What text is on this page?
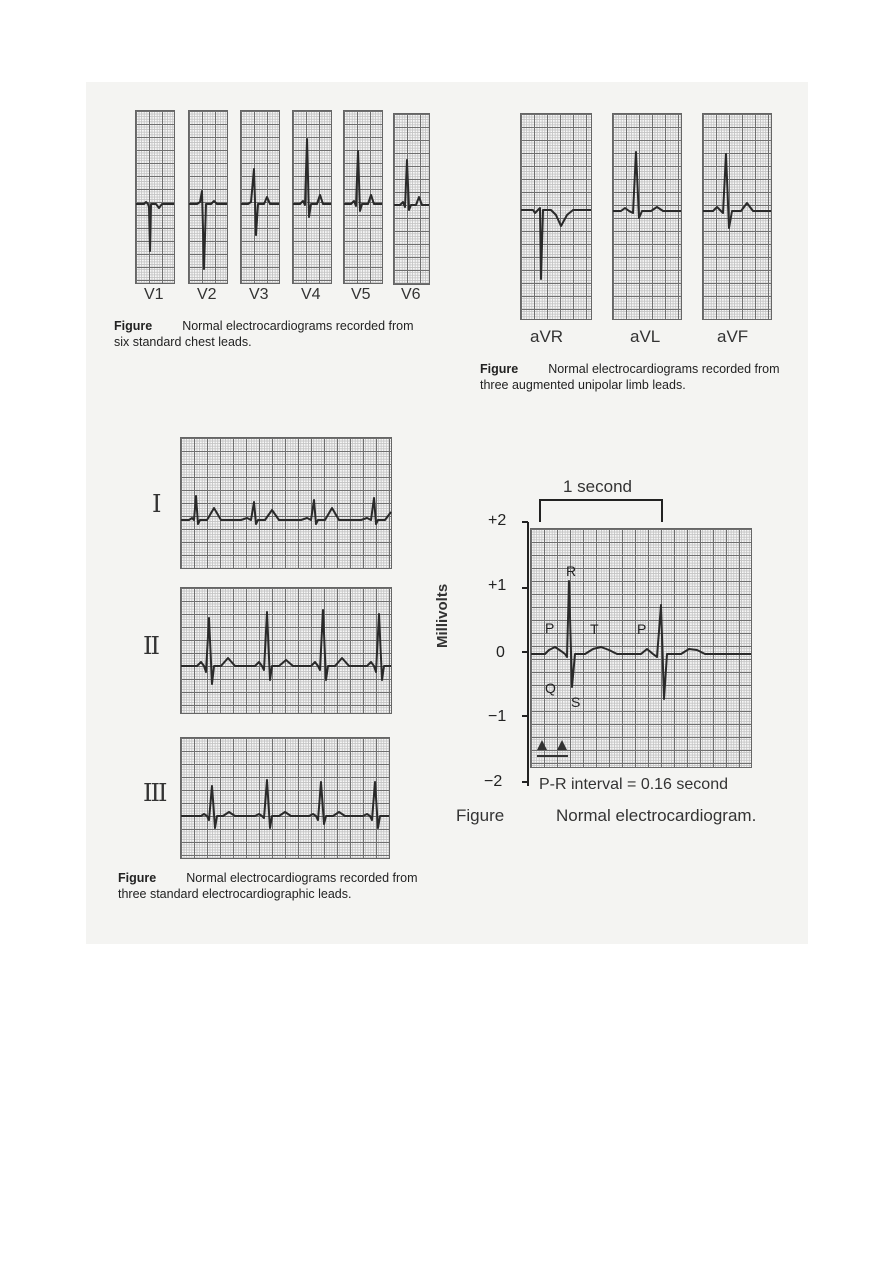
V1 V2 V3 V4 V5 V6
Figure Normal electrocardiograms recorded from
six standard chest leads.	aVR	aVL	aVF
Figure Normal electrocardiograms recorded from
three augmented unipolar limb leads.
I
II
III
Figure Normal electrocardiograms recorded from
three standard electrocardiographic leads.
1 second
Millivolts
+2
+1
0
−1
−2
R
P	T	P
Q
S
P-R interval = 0.16 second
Figure	Normal electrocardiogram.
